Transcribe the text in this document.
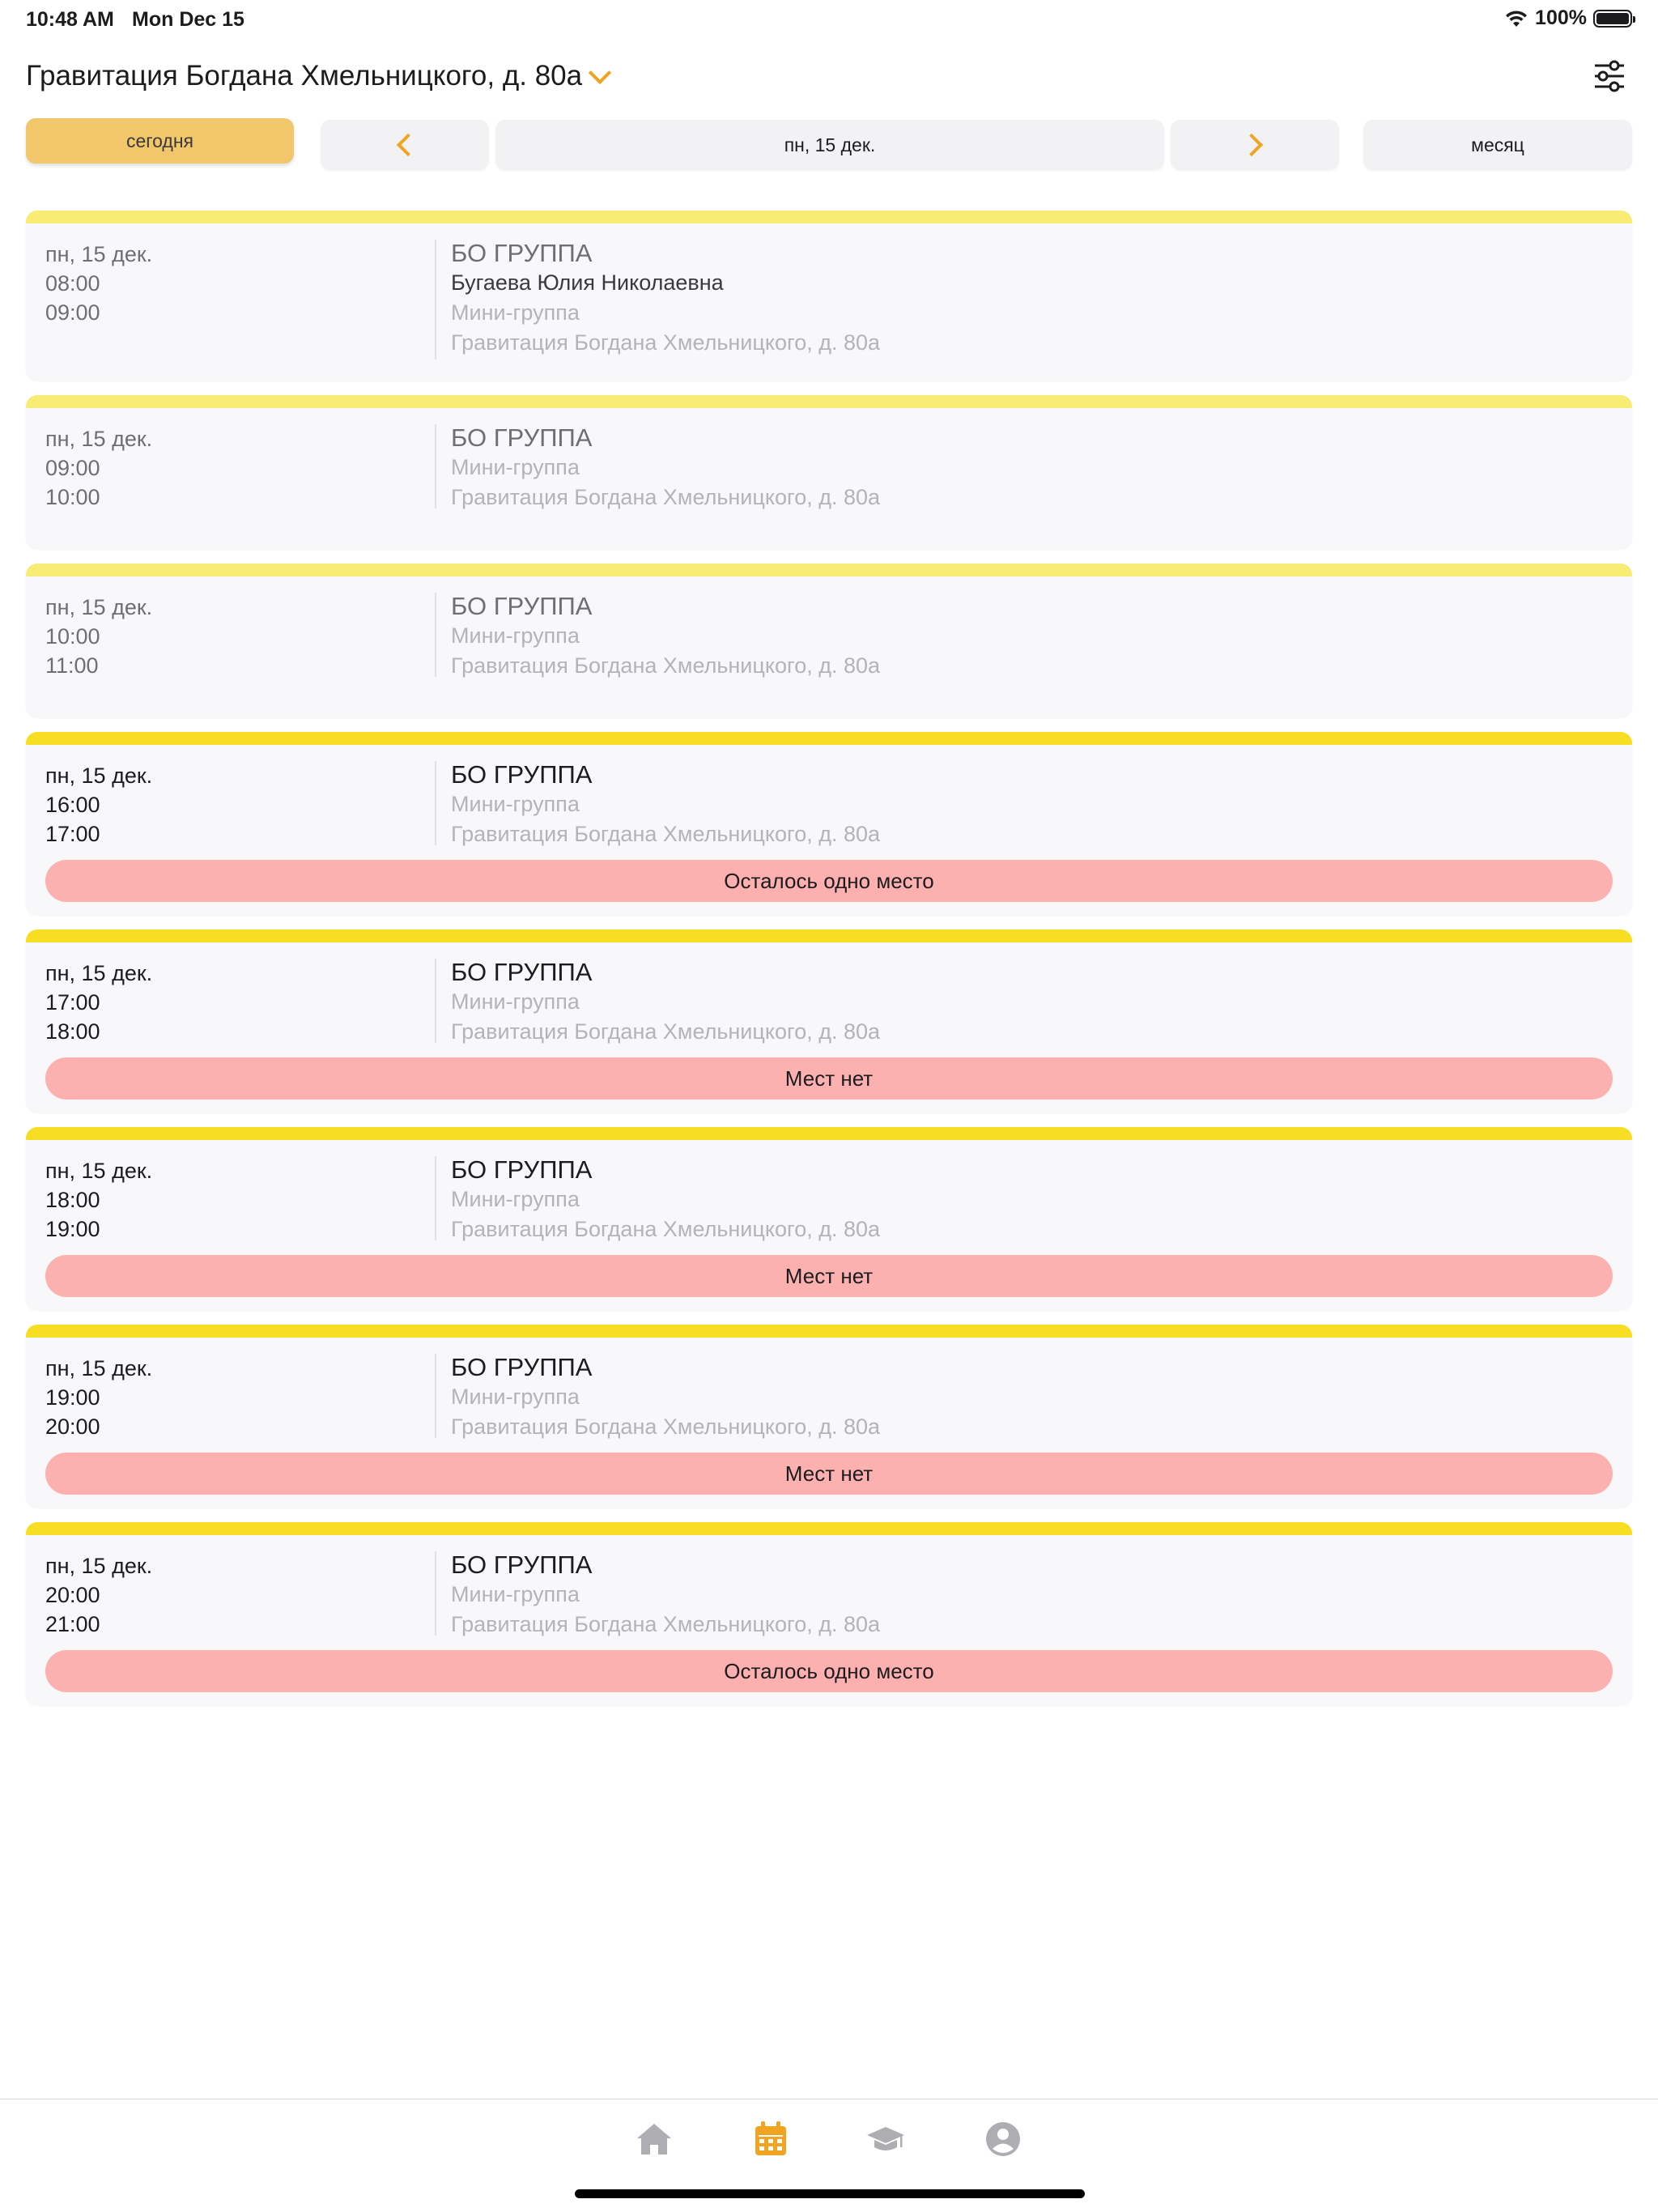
10:48 AM Mon Dec 15	100%
Гравитация Богдана Хмельницкого, д. 80а
сегодня	пн, 15 дек.	месяц
пн, 15 дек.
08:00
09:00
БО ГРУППА
Бугаева Юлия Николаевна
Мини-группа
Гравитация Богдана Хмельницкого, д. 80а
пн, 15 дек.
09:00
10:00
БО ГРУППА
Мини-группа
Гравитация Богдана Хмельницкого, д. 80а
пн, 15 дек.
10:00
11:00
БО ГРУППА
Мини-группа
Гравитация Богдана Хмельницкого, д. 80а
пн, 15 дек.
16:00
17:00
БО ГРУППА
Мини-группа
Гравитация Богдана Хмельницкого, д. 80а
Осталось одно место
пн, 15 дек.
17:00
18:00
БО ГРУППА
Мини-группа
Гравитация Богдана Хмельницкого, д. 80а
Мест нет
пн, 15 дек.
18:00
19:00
БО ГРУППА
Мини-группа
Гравитация Богдана Хмельницкого, д. 80а
Мест нет
пн, 15 дек.
19:00
20:00
БО ГРУППА
Мини-группа
Гравитация Богдана Хмельницкого, д. 80а
Мест нет
пн, 15 дек.
20:00
21:00
БО ГРУППА
Мини-группа
Гравитация Богдана Хмельницкого, д. 80а
Осталось одно место
